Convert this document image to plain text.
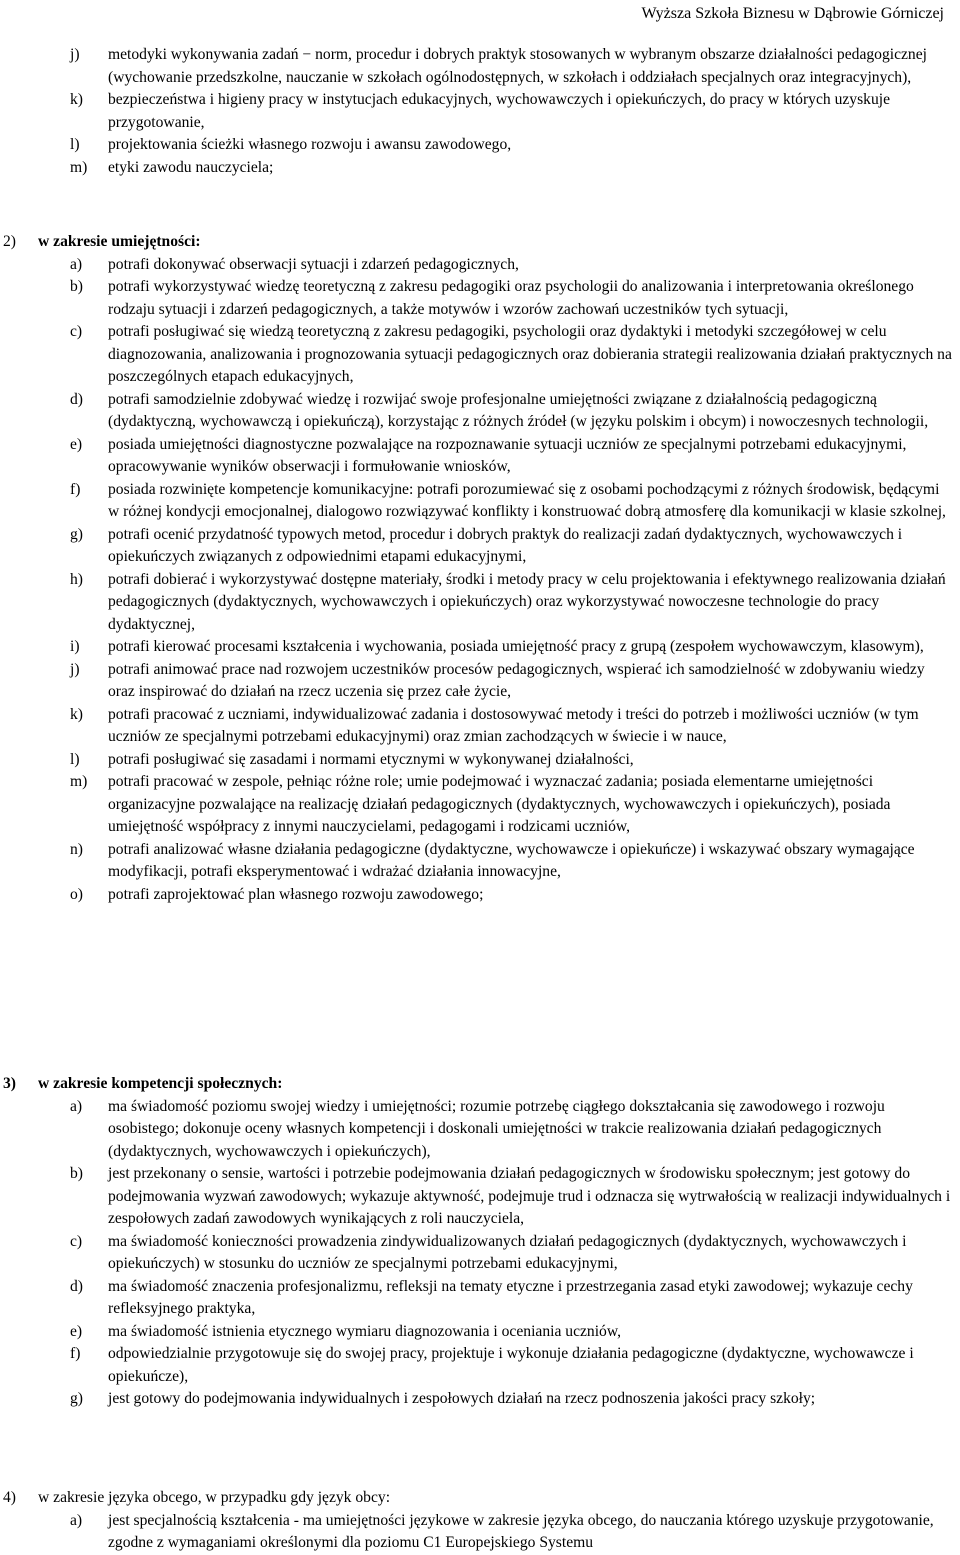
Wyższa Szkoła Biznesu w Dąbrowie Górniczej
j) metodyki wykonywania zadań − norm, procedur i dobrych praktyk stosowanych w wybranym obszarze działalności pedagogicznej (wychowanie przedszkolne, nauczanie w szkołach ogólnodostępnych, w szkołach i oddziałach specjalnych oraz integracyjnych),
k) bezpieczeństwa i higieny pracy w instytucjach edukacyjnych, wychowawczych i opiekuńczych, do pracy w których uzyskuje przygotowanie,
l) projektowania ścieżki własnego rozwoju i awansu zawodowego,
m) etyki zawodu nauczyciela;
2) w zakresie umiejętności:
a) potrafi dokonywać obserwacji sytuacji i zdarzeń pedagogicznych,
b) potrafi wykorzystywać wiedzę teoretyczną z zakresu pedagogiki oraz psychologii do analizowania i interpretowania określonego rodzaju sytuacji i zdarzeń pedagogicznych, a także motywów i wzorów zachowań uczestników tych sytuacji,
c) potrafi posługiwać się wiedzą teoretyczną z zakresu pedagogiki, psychologii oraz dydaktyki i metodyki szczegółowej w celu diagnozowania, analizowania i prognozowania sytuacji pedagogicznych oraz dobierania strategii realizowania działań praktycznych na poszczególnych etapach edukacyjnych,
d) potrafi samodzielnie zdobywać wiedzę i rozwijać swoje profesjonalne umiejętności związane z działalnością pedagogiczną (dydaktyczną, wychowawczą i opiekuńczą), korzystając z różnych źródeł (w języku polskim i obcym) i nowoczesnych technologii,
e) posiada umiejętności diagnostyczne pozwalające na rozpoznawanie sytuacji uczniów ze specjalnymi potrzebami edukacyjnymi, opracowywanie wyników obserwacji i formułowanie wniosków,
f) posiada rozwinięte kompetencje komunikacyjne: potrafi porozumiewać się z osobami pochodzącymi z różnych środowisk, będącymi w różnej kondycji emocjonalnej, dialogowo rozwiązywać konflikty i konstruować dobrą atmosferę dla komunikacji w klasie szkolnej,
g) potrafi ocenić przydatność typowych metod, procedur i dobrych praktyk do realizacji zadań dydaktycznych, wychowawczych i opiekuńczych związanych z odpowiednimi etapami edukacyjnymi,
h) potrafi dobierać i wykorzystywać dostępne materiały, środki i metody pracy w celu projektowania i efektywnego realizowania działań pedagogicznych (dydaktycznych, wychowawczych i opiekuńczych) oraz wykorzystywać nowoczesne technologie do pracy dydaktycznej,
i) potrafi kierować procesami kształcenia i wychowania, posiada umiejętność pracy z grupą (zespołem wychowawczym, klasowym),
j) potrafi animować prace nad rozwojem uczestników procesów pedagogicznych, wspierać ich samodzielność w zdobywaniu wiedzy oraz inspirować do działań na rzecz uczenia się przez całe życie,
k) potrafi pracować z uczniami, indywidualizować zadania i dostosowywać metody i treści do potrzeb i możliwości uczniów (w tym uczniów ze specjalnymi potrzebami edukacyjnymi) oraz zmian zachodzących w świecie i w nauce,
l) potrafi posługiwać się zasadami i normami etycznymi w wykonywanej działalności,
m) potrafi pracować w zespole, pełniąc różne role; umie podejmować i wyznaczać zadania; posiada elementarne umiejętności organizacyjne pozwalające na realizację działań pedagogicznych (dydaktycznych, wychowawczych i opiekuńczych), posiada umiejętność współpracy z innymi nauczycielami, pedagogami i rodzicami uczniów,
n) potrafi analizować własne działania pedagogiczne (dydaktyczne, wychowawcze i opiekuńcze) i wskazywać obszary wymagające modyfikacji, potrafi eksperymentować i wdrażać działania innowacyjne,
o) potrafi zaprojektować plan własnego rozwoju zawodowego;
3) w zakresie kompetencji społecznych:
a) ma świadomość poziomu swojej wiedzy i umiejętności; rozumie potrzebę ciągłego dokształcania się zawodowego i rozwoju osobistego; dokonuje oceny własnych kompetencji i doskonali umiejętności w trakcie realizowania działań pedagogicznych (dydaktycznych, wychowawczych i opiekuńczych),
b) jest przekonany o sensie, wartości i potrzebie podejmowania działań pedagogicznych w środowisku społecznym; jest gotowy do podejmowania wyzwań zawodowych; wykazuje aktywność, podejmuje trud i odznacza się wytrwałością w realizacji indywidualnych i zespołowych zadań zawodowych wynikających z roli nauczyciela,
c) ma świadomość konieczności prowadzenia zindywidualizowanych działań pedagogicznych (dydaktycznych, wychowawczych i opiekuńczych) w stosunku do uczniów ze specjalnymi potrzebami edukacyjnymi,
d) ma świadomość znaczenia profesjonalizmu, refleksji na tematy etyczne i przestrzegania zasad etyki zawodowej; wykazuje cechy refleksyjnego praktyka,
e) ma świadomość istnienia etycznego wymiaru diagnozowania i oceniania uczniów,
f) odpowiedzialnie przygotowuje się do swojej pracy, projektuje i wykonuje działania pedagogiczne (dydaktyczne, wychowawcze i opiekuńcze),
g) jest gotowy do podejmowania indywidualnych i zespołowych działań na rzecz podnoszenia jakości pracy szkoły;
4) w zakresie języka obcego, w przypadku gdy język obcy:
a) jest specjalnością kształcenia - ma umiejętności językowe w zakresie języka obcego, do nauczania którego uzyskuje przygotowanie, zgodne z wymaganiami określonymi dla poziomu C1 Europejskiego Systemu
